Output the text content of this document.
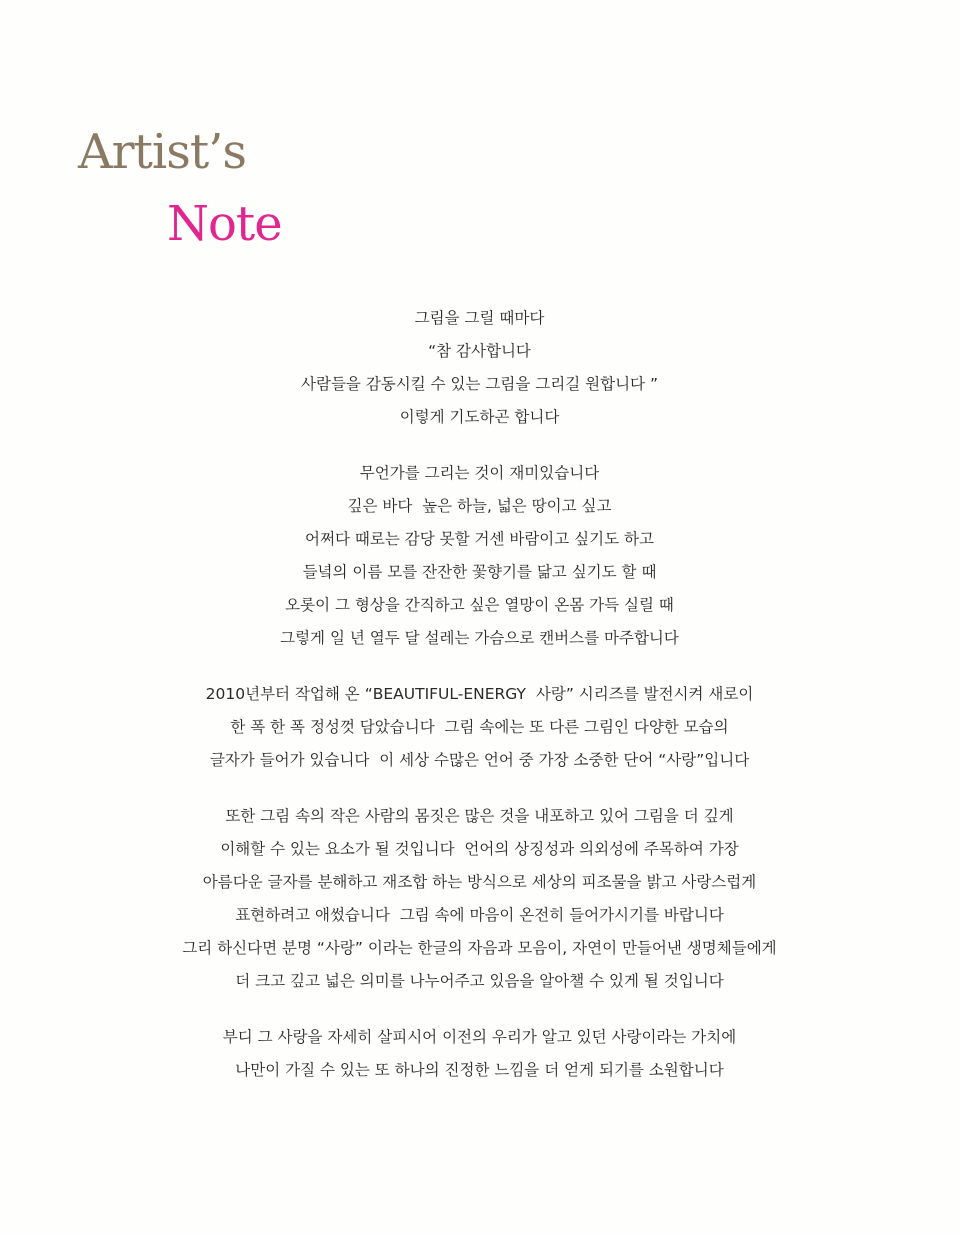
Artist’s
Note
그림을 그릴 때마다
“참 감사합니다
사람들을 감동시킬 수 있는 그림을 그리길 원합니다 ”
이렇게 기도하곤 합니다
무언가를 그리는 것이 재미있습니다
깊은 바다  높은 하늘, 넓은 땅이고 싶고
어쩌다 때로는 감당 못할 거센 바람이고 싶기도 하고
들녘의 이름 모를 잔잔한 꽃향기를 닮고 싶기도 할 때
오롯이 그 형상을 간직하고 싶은 열망이 온몸 가득 실릴 때
그렇게 일 년 열두 달 설레는 가슴으로 캔버스를 마주합니다
2010년부터 작업해 온 “BEAUTIFUL-ENERGY  사랑” 시리즈를 발전시켜 새로이
한 폭 한 폭 정성껏 담았습니다  그림 속에는 또 다른 그림인 다양한 모습의
글자가 들어가 있습니다  이 세상 수많은 언어 중 가장 소중한 단어 “사랑”입니다
또한 그림 속의 작은 사람의 몸짓은 많은 것을 내포하고 있어 그림을 더 깊게
이해할 수 있는 요소가 될 것입니다  언어의 상징성과 의외성에 주목하여 가장
아름다운 글자를 분해하고 재조합 하는 방식으로 세상의 피조물을 밝고 사랑스럽게
표현하려고 애썼습니다  그림 속에 마음이 온전히 들어가시기를 바랍니다
그리 하신다면 분명 “사랑” 이라는 한글의 자음과 모음이, 자연이 만들어낸 생명체들에게
더 크고 깊고 넓은 의미를 나누어주고 있음을 알아챌 수 있게 될 것입니다
부디 그 사랑을 자세히 살피시어 이전의 우리가 알고 있던 사랑이라는 가치에
나만이 가질 수 있는 또 하나의 진정한 느낌을 더 얻게 되기를 소원합니다
